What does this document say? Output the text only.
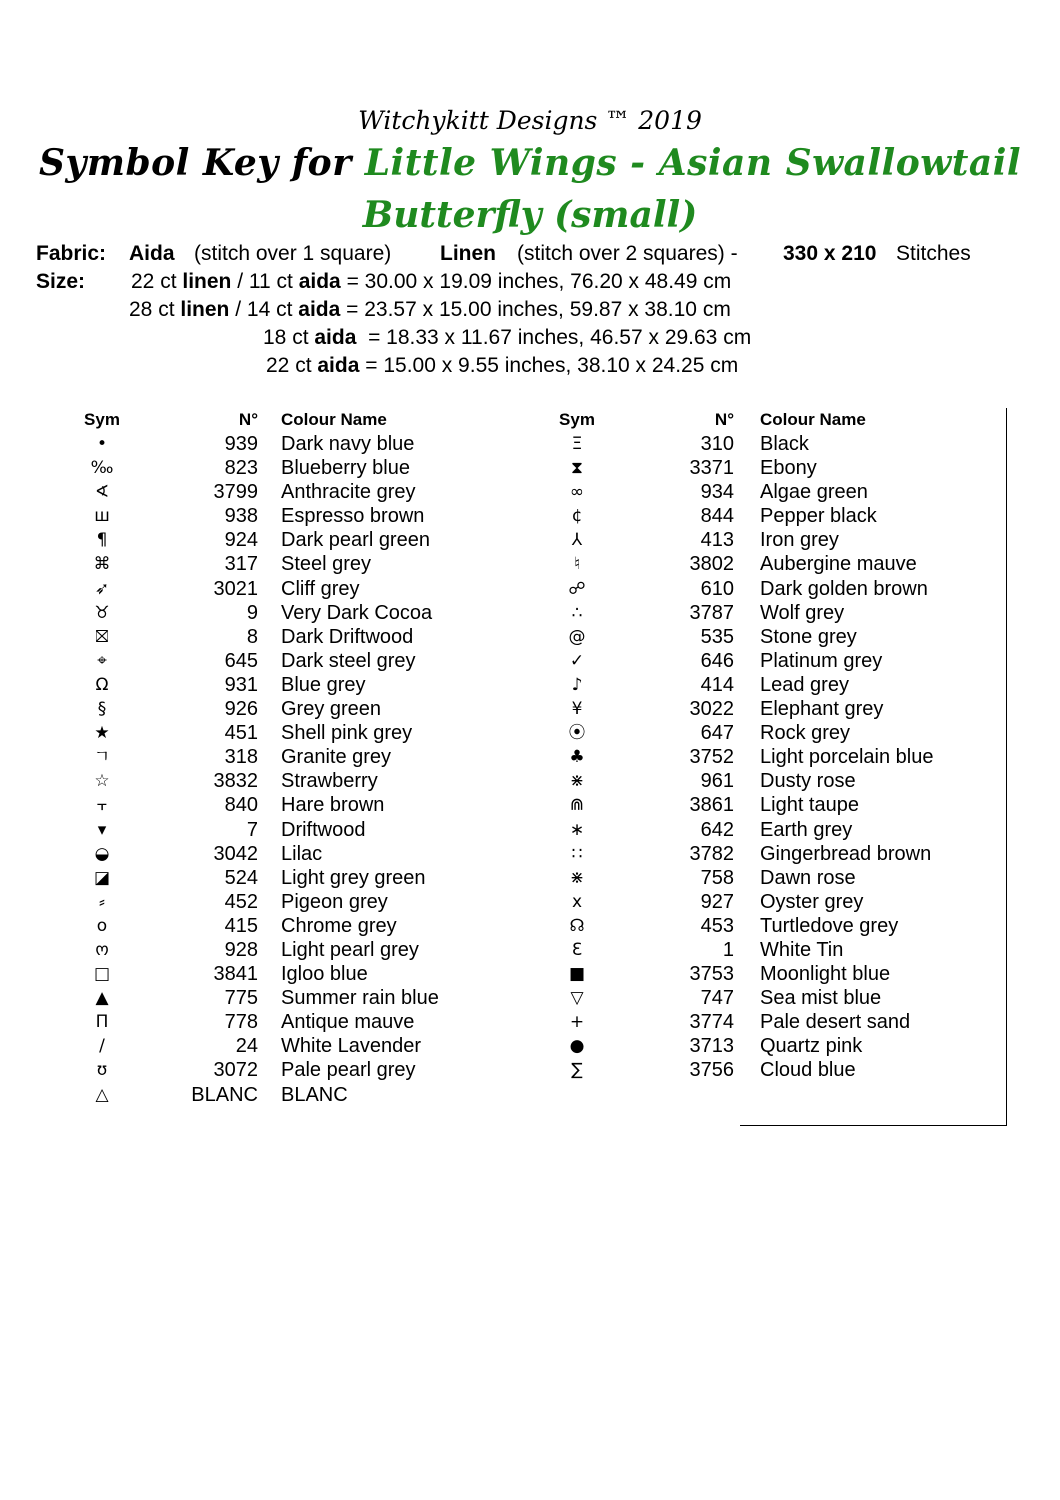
Witchykitt Designs ™ 2019
Symbol Key for Little Wings - Asian Swallowtail
Butterfly (small)
Fabric: Aida (stitch over 1 square) Linen (stitch over 2 squares) - 330 x 210 Stitches
Size: 22 ct linen / 11 ct aida = 30.00 x 19.09 inches, 76.20 x 48.49 cm
28 ct linen / 14 ct aida = 23.57 x 15.00 inches, 59.87 x 38.10 cm
18 ct aida  = 18.33 x 11.67 inches, 46.57 x 29.63 cm
22 ct aida = 15.00 x 9.55 inches, 38.10 x 24.25 cm
Sym	N° Colour Name
•	939 Dark navy blue
‰	823 Blueberry blue
∢	3799 Anthracite grey
ш	938 Espresso brown
¶	924 Dark pearl green
⌘	317 Steel grey
➶	3021 Cliff grey
♉	9 Very Dark Cocoa
⛝	8 Dark Driftwood
⌖	645 Dark steel grey
Ω	931 Blue grey
§	926 Grey green
★	451 Shell pink grey
ㄱ	318 Granite grey
☆	3832 Strawberry
⫟	840 Hare brown
▾	7 Driftwood
◒	3042 Lilac
◪	524 Light grey green
⸗	452 Pigeon grey
o	415 Chrome grey
ო	928 Light pearl grey
□	3841 Igloo blue
▲	775 Summer rain blue
П	778 Antique mauve
/	24 White Lavender
ʊ	3072 Pale pearl grey
△	BLANC BLANC
Sym	N° Colour Name
Ξ	310 Black
⧗	3371 Ebony
∞	934 Algae green
¢	844 Pepper black
⅄	413 Iron grey
♮	3802 Aubergine mauve
☍	610 Dark golden brown
∴	3787 Wolf grey
@	535 Stone grey
✓	646 Platinum grey
♪	414 Lead grey
¥	3022 Elephant grey
⦿	647 Rock grey
♣	3752 Light porcelain blue
⋇	961 Dusty rose
⋒	3861 Light taupe
∗	642 Earth grey
∷	3782 Gingerbread brown
⋇	758 Dawn rose
x	927 Oyster grey
☊	453 Turtledove grey
Ɛ	1 White Tin
■	3753 Moonlight blue
▽	747 Sea mist blue
+	3774 Pale desert sand
●	3713 Quartz pink
∑	3756 Cloud blue
